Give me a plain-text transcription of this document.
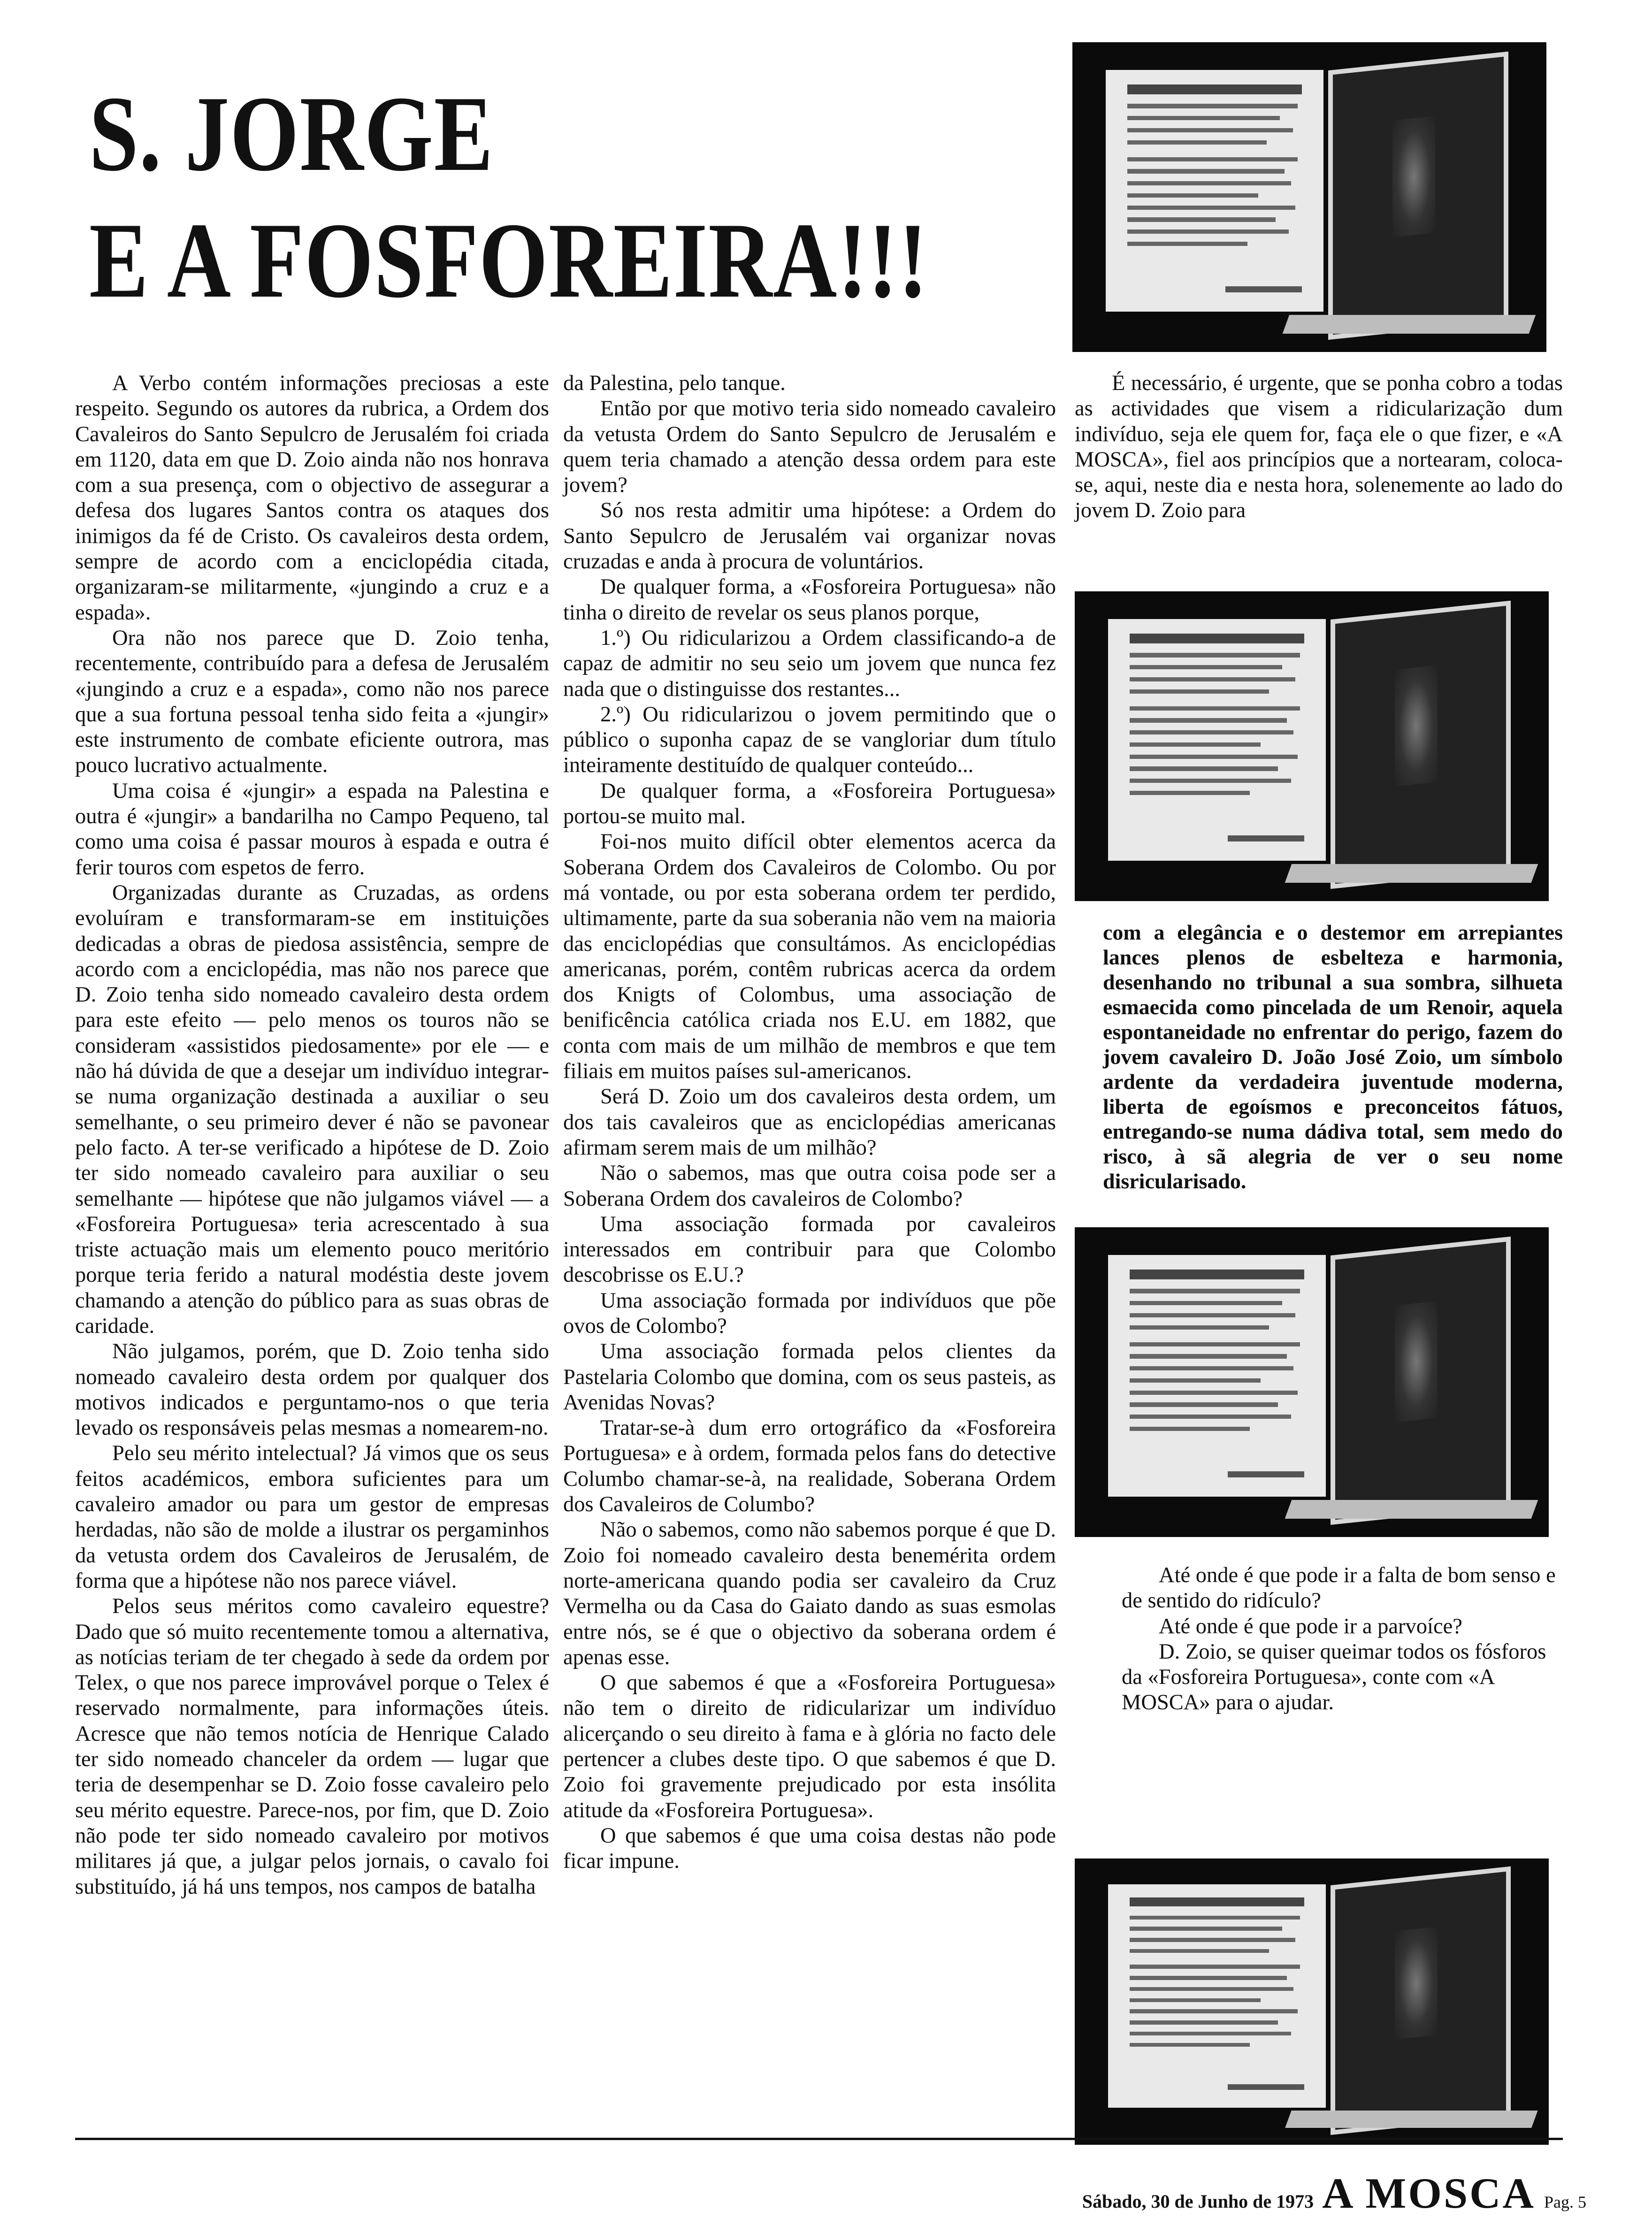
S. JORGE
E A FOSFOREIRA!!!

A Verbo contém informações preciosas a este respeito. Segundo os autores da rubrica, a Ordem dos Cavaleiros do Santo Sepulcro de Jerusalém foi criada em 1120, data em que D. Zoio ainda não nos honrava com a sua presença, com o objectivo de assegurar a defesa dos lugares Santos contra os ataques dos inimigos da fé de Cristo. Os cavaleiros desta ordem, sempre de acordo com a enciclopédia citada, organizaram-se militarmente, «jungindo a cruz e a espada».

Ora não nos parece que D. Zoio tenha, recentemente, contribuído para a defesa de Jerusalém «jungindo a cruz e a espada», como não nos parece que a sua fortuna pessoal tenha sido feita a «jungir» este instrumento de combate eficiente outrora, mas pouco lucrativo actualmente.

Uma coisa é «jungir» a espada na Palestina e outra é «jungir» a bandarilha no Campo Pequeno, tal como uma coisa é passar mouros à espada e outra é ferir touros com espetos de ferro.

Organizadas durante as Cruzadas, as ordens evoluíram e transformaram-se em instituições dedicadas a obras de piedosa assistência, sempre de acordo com a enciclopédia, mas não nos parece que D. Zoio tenha sido nomeado cavaleiro desta ordem para este efeito — pelo menos os touros não se consideram «assistidos piedosamente» por ele — e não há dúvida de que a desejar um indivíduo integrar-se numa organização destinada a auxiliar o seu semelhante, o seu primeiro dever é não se pavonear pelo facto. A ter-se verificado a hipótese de D. Zoio ter sido nomeado cavaleiro para auxiliar o seu semelhante — hipótese que não julgamos viável — a «Fosforeira Portuguesa» teria acrescentado à sua triste actuação mais um elemento pouco meritório porque teria ferido a natural modéstia deste jovem chamando a atenção do público para as suas obras de caridade.

Não julgamos, porém, que D. Zoio tenha sido nomeado cavaleiro desta ordem por qualquer dos motivos indicados e perguntamo-nos o que teria levado os responsáveis pelas mesmas a nomearem-no.

Pelo seu mérito intelectual? Já vimos que os seus feitos académicos, embora suficientes para um cavaleiro amador ou para um gestor de empresas herdadas, não são de molde a ilustrar os pergaminhos da vetusta ordem dos Cavaleiros de Jerusalém, de forma que a hipótese não nos parece viável.

Pelos seus méritos como cavaleiro equestre? Dado que só muito recentemente tomou a alternativa, as notícias teriam de ter chegado à sede da ordem por Telex, o que nos parece improvável porque o Telex é reservado normalmente, para informações úteis. Acresce que não temos notícia de Henrique Calado ter sido nomeado chanceler da ordem — lugar que teria de desempenhar se D. Zoio fosse cavaleiro pelo seu mérito equestre. Parece-nos, por fim, que D. Zoio não pode ter sido nomeado cavaleiro por motivos militares já que, a julgar pelos jornais, o cavalo foi substituído, já há uns tempos, nos campos de batalha

da Palestina, pelo tanque.

Então por que motivo teria sido nomeado cavaleiro da vetusta Ordem do Santo Sepulcro de Jerusalém e quem teria chamado a atenção dessa ordem para este jovem?

Só nos resta admitir uma hipótese: a Ordem do Santo Sepulcro de Jerusalém vai organizar novas cruzadas e anda à procura de voluntários.

De qualquer forma, a «Fosforeira Portuguesa» não tinha o direito de revelar os seus planos porque,

1.º) Ou ridicularizou a Ordem classificando-a de capaz de admitir no seu seio um jovem que nunca fez nada que o distinguisse dos restantes...

2.º) Ou ridicularizou o jovem permitindo que o público o suponha capaz de se vangloriar dum título inteiramente destituído de qualquer conteúdo...

De qualquer forma, a «Fosforeira Portuguesa» portou-se muito mal.

Foi-nos muito difícil obter elementos acerca da Soberana Ordem dos Cavaleiros de Colombo. Ou por má vontade, ou por esta soberana ordem ter perdido, ultimamente, parte da sua soberania não vem na maioria das enciclopédias que consultámos. As enciclopédias americanas, porém, contêm rubricas acerca da ordem dos Knigts of Colombus, uma associação de benificência católica criada nos E.U. em 1882, que conta com mais de um milhão de membros e que tem filiais em muitos países sul-americanos.

Será D. Zoio um dos cavaleiros desta ordem, um dos tais cavaleiros que as enciclopédias americanas afirmam serem mais de um milhão?

Não o sabemos, mas que outra coisa pode ser a Soberana Ordem dos cavaleiros de Colombo?

Uma associação formada por cavaleiros interessados em contribuir para que Colombo descobrisse os E.U.?

Uma associação formada por indivíduos que põe ovos de Colombo?

Uma associação formada pelos clientes da Pastelaria Colombo que domina, com os seus pasteis, as Avenidas Novas?

Tratar-se-à dum erro ortográfico da «Fosforeira Portuguesa» e à ordem, formada pelos fans do detective Columbo chamar-se-à, na realidade, Soberana Ordem dos Cavaleiros de Columbo?

Não o sabemos, como não sabemos porque é que D. Zoio foi nomeado cavaleiro desta benemérita ordem norte-americana quando podia ser cavaleiro da Cruz Vermelha ou da Casa do Gaiato dando as suas esmolas entre nós, se é que o objectivo da soberana ordem é apenas esse.

O que sabemos é que a «Fosforeira Portuguesa» não tem o direito de ridicularizar um indivíduo alicerçando o seu direito à fama e à glória no facto dele pertencer a clubes deste tipo. O que sabemos é que D. Zoio foi gravemente prejudicado por esta insólita atitude da «Fosforeira Portuguesa».

O que sabemos é que uma coisa destas não pode ficar impune.

É necessário, é urgente, que se ponha cobro a todas as actividades que visem a ridicularização dum indivíduo, seja ele quem for, faça ele o que fizer, e «A MOSCA», fiel aos princípios que a nortearam, coloca-se, aqui, neste dia e nesta hora, solenemente ao lado do jovem D. Zoio para

com a elegância e o destemor em arrepiantes lances plenos de esbelteza e harmonia, desenhando no tribunal a sua sombra, silhueta esmaecida como pincelada de um Renoir, aquela espontaneidade no enfrentar do perigo, fazem do jovem cavaleiro D. João José Zoio, um símbolo ardente da verdadeira juventude moderna, liberta de egoísmos e preconceitos fátuos, entregando-se numa dádiva total, sem medo do risco, à sã alegria de ver o seu nome disricularisado.

Até onde é que pode ir a falta de bom senso e de sentido do ridículo?

Até onde é que pode ir a parvoíce?

D. Zoio, se quiser queimar todos os fósforos da «Fosforeira Portuguesa», conte com «A MOSCA» para o ajudar.

Sábado, 30 de Junho de 1973 A MOSCA Pag. 5
